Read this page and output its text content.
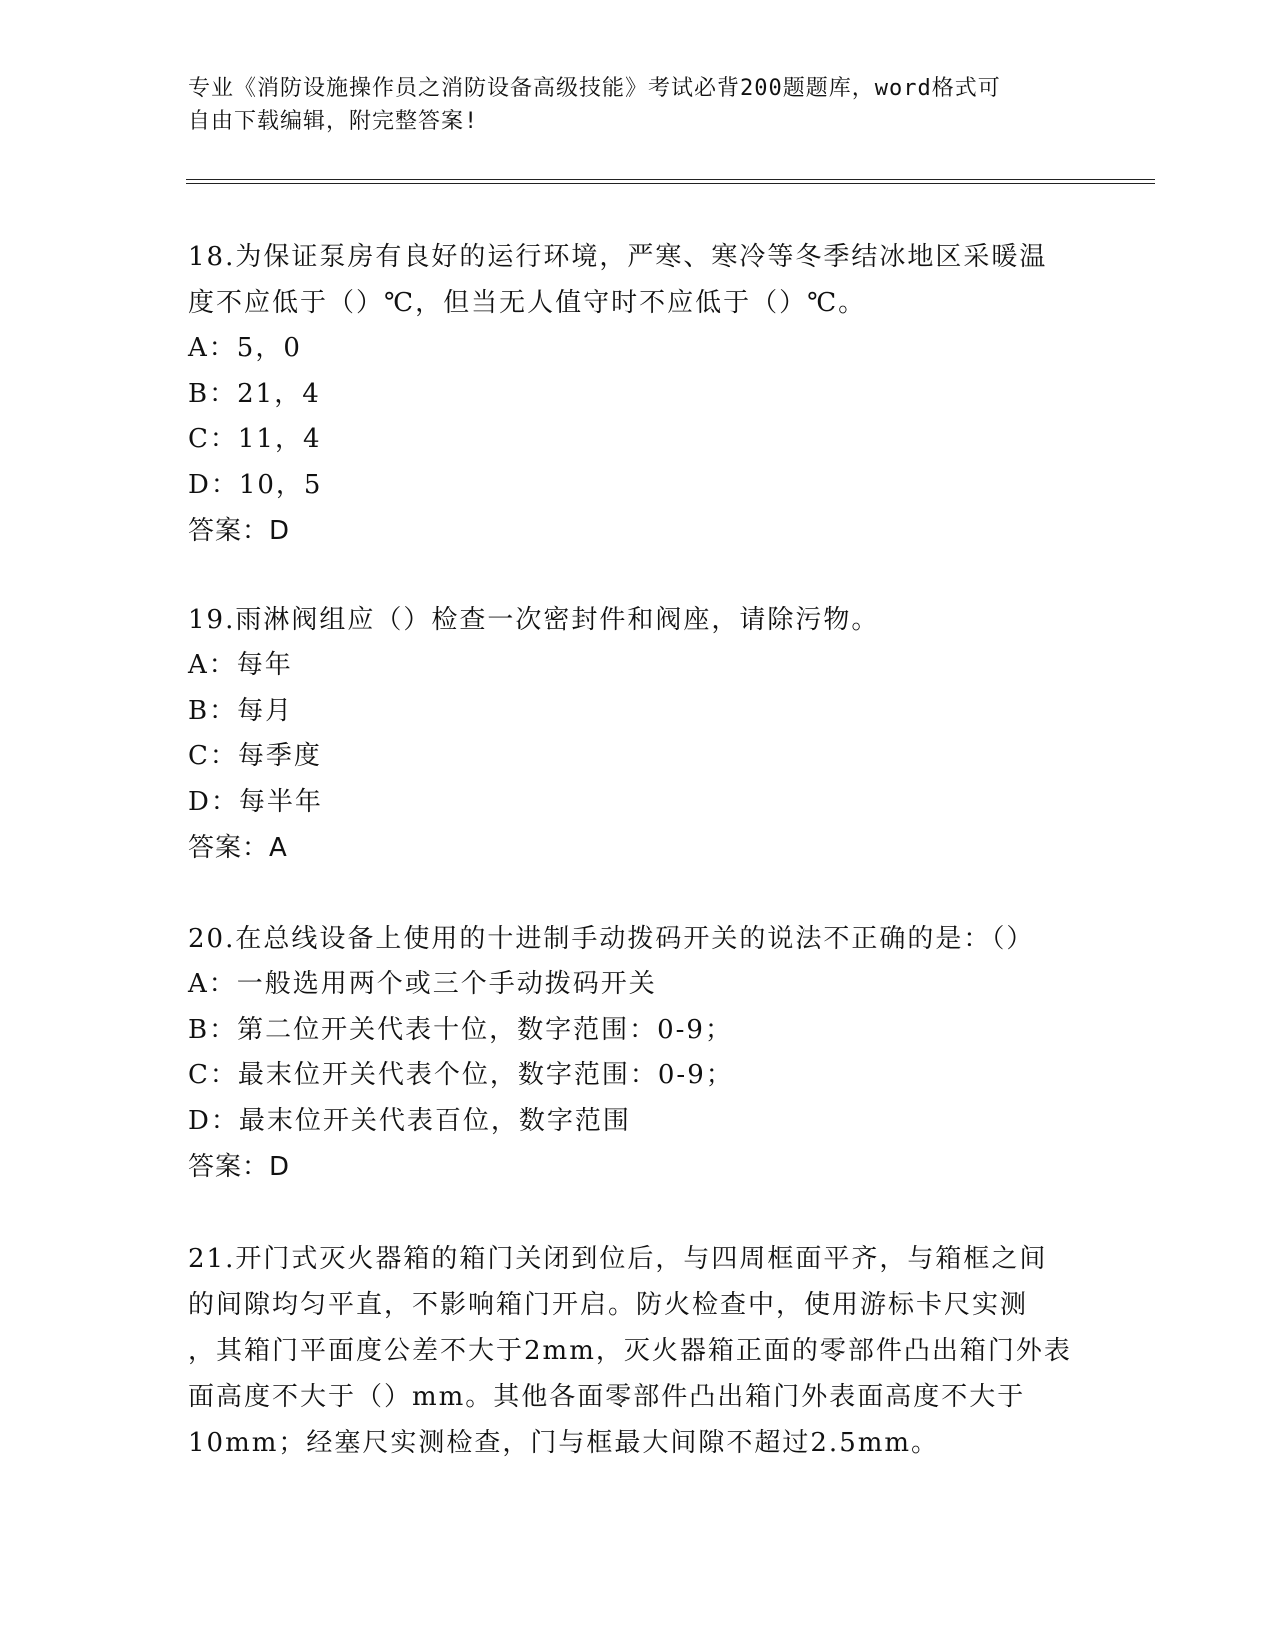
专业《消防设施操作员之消防设备高级技能》考试必背200题题库，word格式可
自由下载编辑，附完整答案!
18.为保证泵房有良好的运行环境，严寒、寒冷等冬季结冰地区采暖温
度不应低于（）℃，但当无人值守时不应低于（）℃。
A：5，0
B：21，4
C：11，4
D：10，5
答案：D
19.雨淋阀组应（）检查一次密封件和阀座，请除污物。
A：每年
B：每月
C：每季度
D：每半年
答案：A
20.在总线设备上使用的十进制手动拨码开关的说法不正确的是：（）
A：一般选用两个或三个手动拨码开关
B：第二位开关代表十位，数字范围：0-9；
C：最末位开关代表个位，数字范围：0-9；
D：最末位开关代表百位，数字范围
答案：D
21.开门式灭火器箱的箱门关闭到位后，与四周框面平齐，与箱框之间
的间隙均匀平直，不影响箱门开启。防火检查中，使用游标卡尺实测
，其箱门平面度公差不大于2mm，灭火器箱正面的零部件凸出箱门外表
面高度不大于（）mm。其他各面零部件凸出箱门外表面高度不大于
10mm；经塞尺实测检查，门与框最大间隙不超过2.5mm。
